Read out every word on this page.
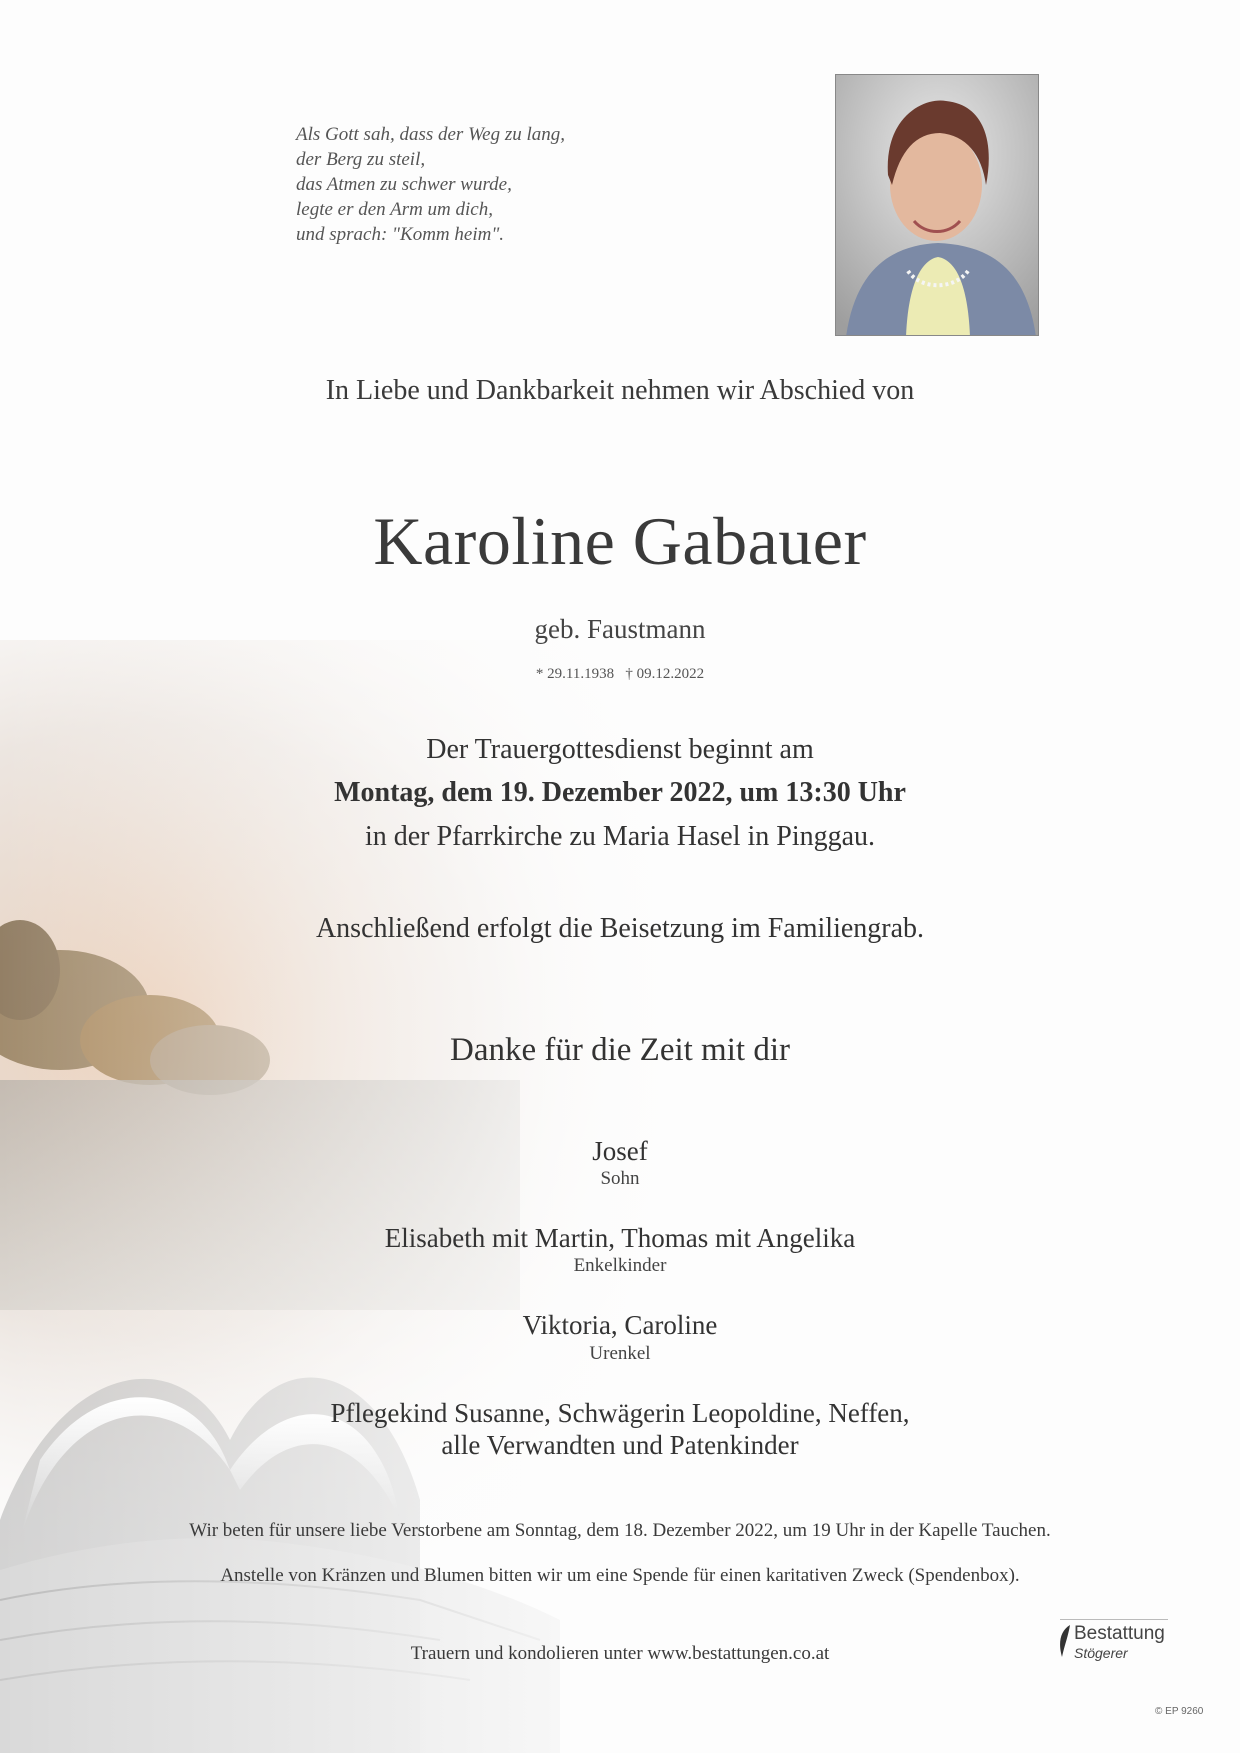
Als Gott sah, dass der Weg zu lang,
der Berg zu steil,
das Atmen zu schwer wurde,
legte er den Arm um dich,
und sprach: "Komm heim".
In Liebe und Dankbarkeit nehmen wir Abschied von
Karoline Gabauer
geb. Faustmann
* 29.11.1938   † 09.12.2022
Der Trauergottesdienst beginnt am
Montag, dem 19. Dezember 2022, um 13:30 Uhr
in der Pfarrkirche zu Maria Hasel in Pinggau.
Anschließend erfolgt die Beisetzung im Familiengrab.
Danke für die Zeit mit dir
Josef
Sohn
Elisabeth mit Martin, Thomas mit Angelika
Enkelkinder
Viktoria, Caroline
Urenkel
Pflegekind Susanne, Schwägerin Leopoldine, Neffen,
alle Verwandten und Patenkinder
Wir beten für unsere liebe Verstorbene am Sonntag, dem 18. Dezember 2022, um 19 Uhr in der Kapelle Tauchen.
Anstelle von Kränzen und Blumen bitten wir um eine Spende für einen karitativen Zweck (Spendenbox).
Trauern und kondolieren unter www.bestattungen.co.at
Bestattung
Stögerer
© EP 9260
